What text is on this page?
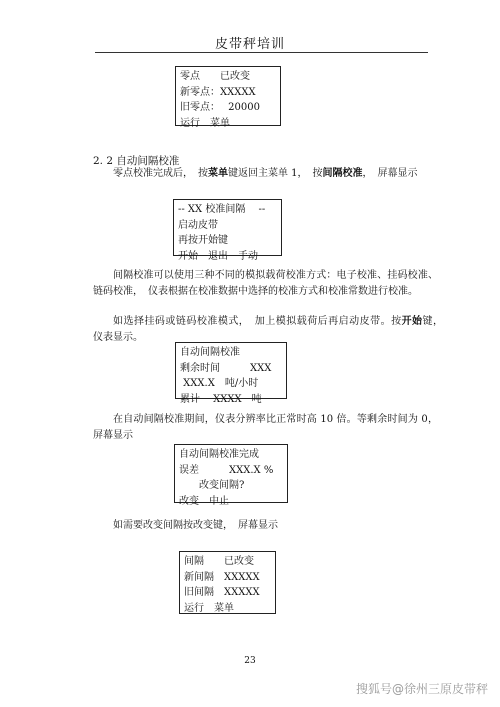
皮带秤培训
零点　　已改变
新零点：XXXXX
旧零点：　 20000
运行　菜单
2. 2 自动间隔校准
零点校准完成后，　按菜单键返回主菜单 1，　按间隔校准，　屏幕显示
-- XX 校准间隔　 --
启动皮带
再按开始键
开始　退出　手动
间隔校准可以使用三种不同的模拟载荷校准方式：电子校准、挂码校准、链码校准，　仪表根据在校准数据中选择的校准方式和校准常数进行校准。
如选择挂码或链码校准模式，　加上模拟载荷后再启动皮带。按开始键，　仪表显示。
自动间隔校准
剩余时间　　　XXX
XXX.X　吨/小时
累计　 XXXX　吨
在自动间隔校准期间，仪表分辨率比正常时高 10 倍。等剩余时间为 0，屏幕显示
自动间隔校准完成
误差　　　XXX.X %
　　改变间隔?
改变　中止
如需要改变间隔按改变键，　屏幕显示
间隔　　已改变
新间隔　XXXXX
旧间隔　XXXXX
运行　菜单
23
搜狐号@徐州三原皮带秤
